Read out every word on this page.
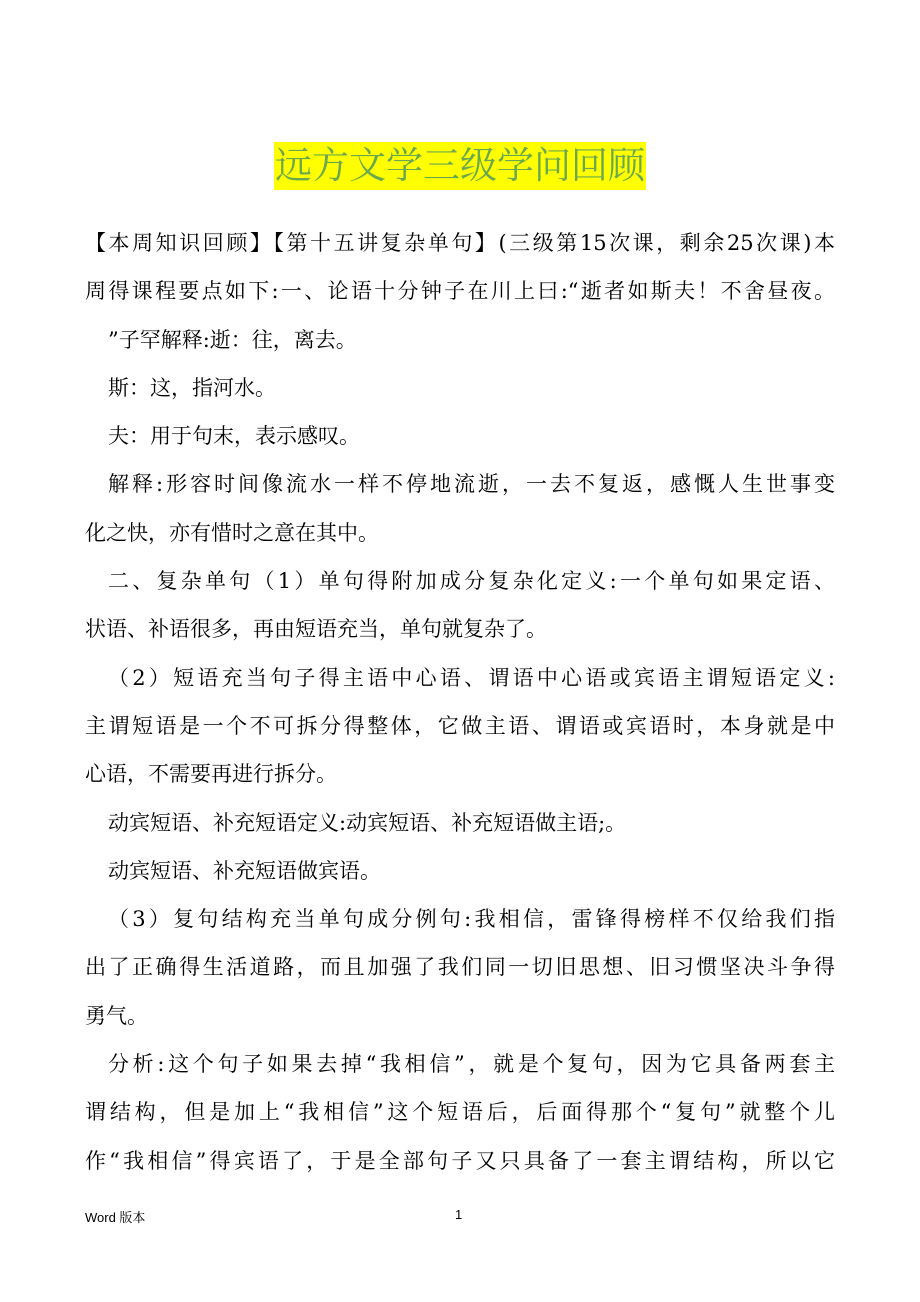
远方文学三级学问回顾
【本周知识回顾】【第十五讲复杂单句】(三级第15次课，剩余25次课)本
周得课程要点如下:一、论语十分钟子在川上曰:“逝者如斯夫！不舍昼夜。
”子罕解释:逝：往，离去。
斯：这，指河水。
夫：用于句末，表示感叹。
解释:形容时间像流水一样不停地流逝，一去不复返，感慨人生世事变
化之快，亦有惜时之意在其中。
二、复杂单句（1）单句得附加成分复杂化定义:一个单句如果定语、
状语、补语很多，再由短语充当，单句就复杂了。
（2）短语充当句子得主语中心语、谓语中心语或宾语主谓短语定义:
主谓短语是一个不可拆分得整体，它做主语、谓语或宾语时，本身就是中
心语，不需要再进行拆分。
动宾短语、补充短语定义:动宾短语、补充短语做主语;。
动宾短语、补充短语做宾语。
（3）复句结构充当单句成分例句:我相信，雷锋得榜样不仅给我们指
出了正确得生活道路，而且加强了我们同一切旧思想、旧习惯坚决斗争得
勇气。
分析:这个句子如果去掉“我相信”，就是个复句，因为它具备两套主
谓结构，但是加上“我相信”这个短语后，后面得那个“复句”就整个儿
作“我相信”得宾语了，于是全部句子又只具备了一套主谓结构，所以它
Word 版本	1
